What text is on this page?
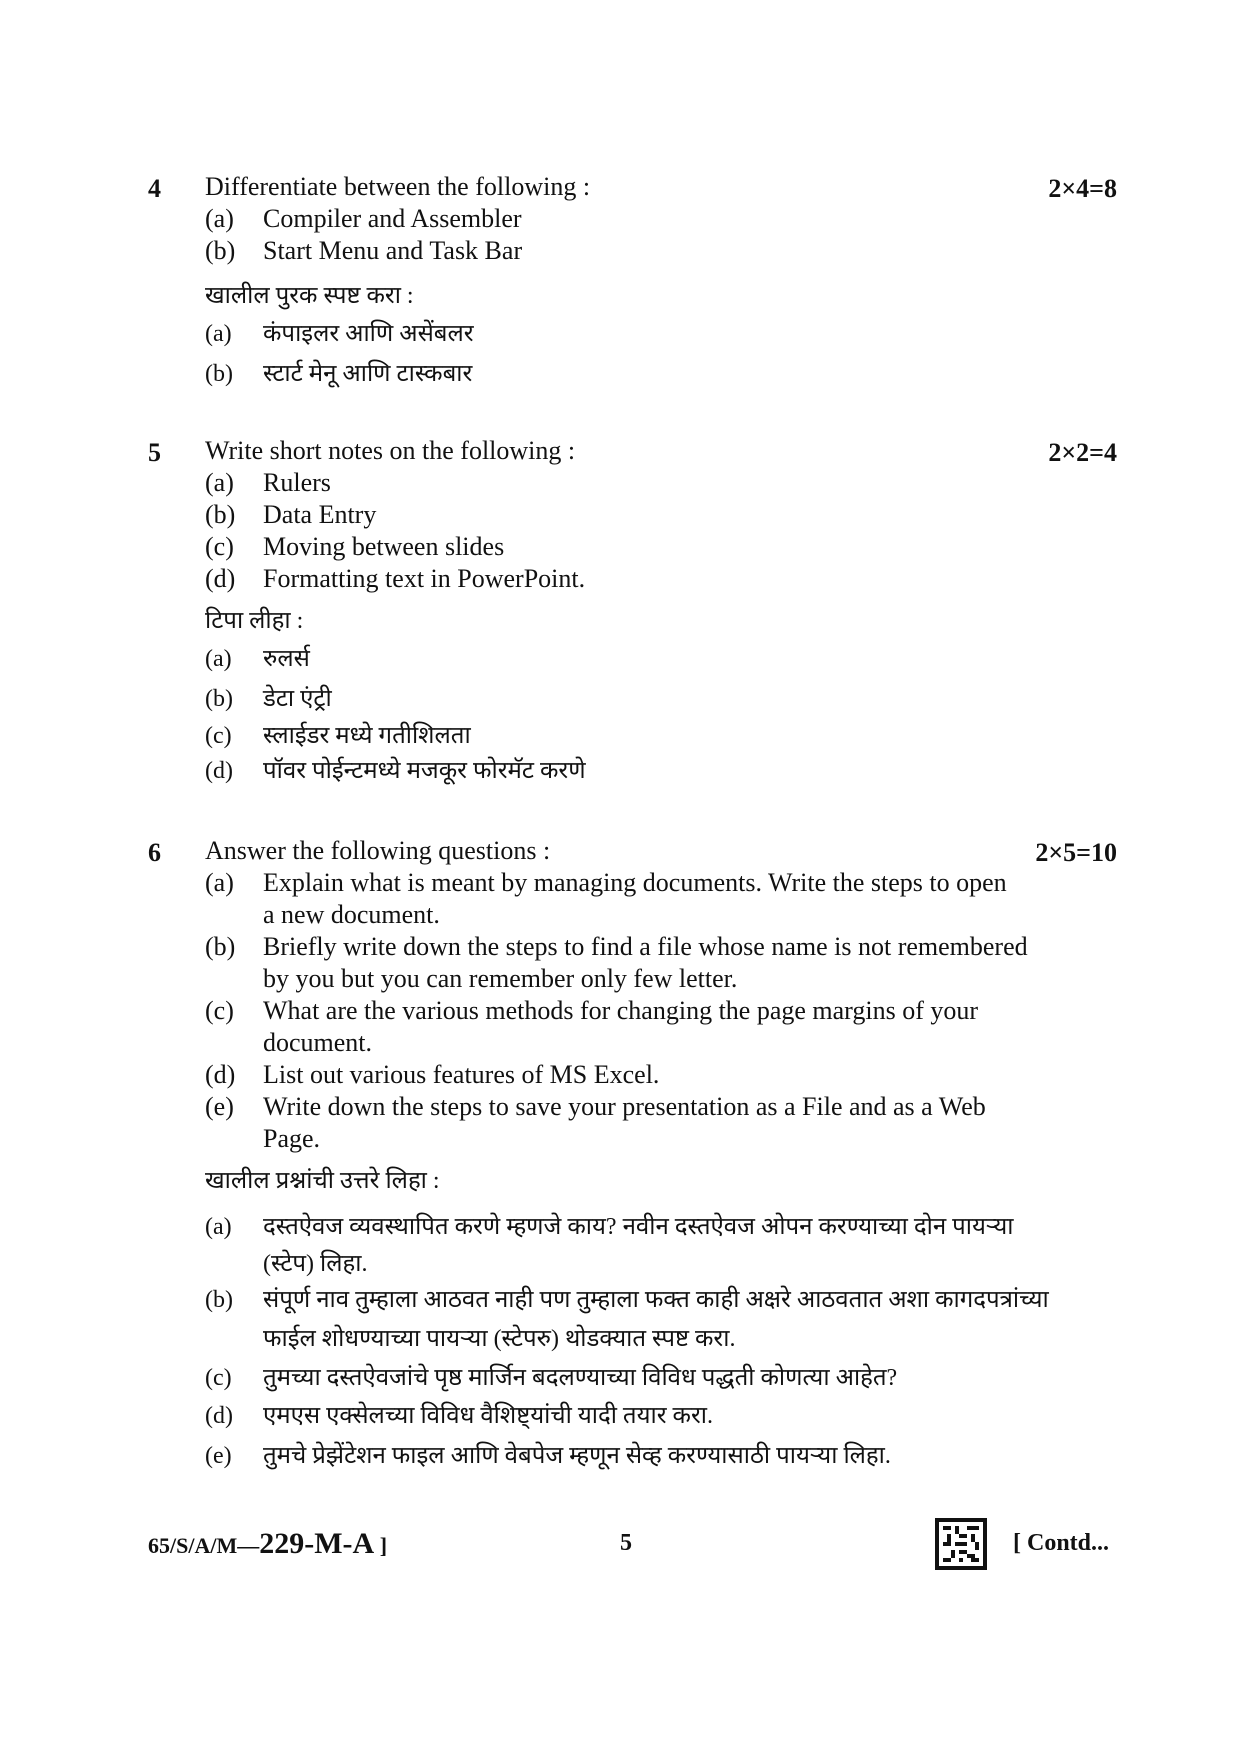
4 Differentiate between the following :	2×4=8
(a) Compiler and Assembler
(b) Start Menu and Task Bar
खालील पुरक स्पष्ट करा :
(a) कंपाइलर आणि असेंबलर
(b) स्टार्ट मेनू आणि टास्कबार
5 Write short notes on the following :	2×2=4
(a) Rulers
(b) Data Entry
(c) Moving between slides
(d) Formatting text in PowerPoint.
टिपा लीहा :
(a) रुलर्स
(b) डेटा एंट्री
(c) स्लाईडर मध्ये गतीशिलता
(d) पॉवर पोईन्टमध्ये मजकूर फोरमॅट करणे
6 Answer the following questions :	2×5=10
(a) Explain what is meant by managing documents. Write the steps to open
a new document.
(b) Briefly write down the steps to find a file whose name is not remembered
by you but you can remember only few letter.
(c) What are the various methods for changing the page margins of your
document.
(d) List out various features of MS Excel.
(e) Write down the steps to save your presentation as a File and as a Web
Page.
खालील प्रश्नांची उत्तरे लिहा :
(a) दस्तऐवज व्यवस्थापित करणे म्हणजे काय? नवीन दस्तऐवज ओपन करण्याच्या दोन पायऱ्या
(स्टेप) लिहा.
(b) संपूर्ण नाव तुम्हाला आठवत नाही पण तुम्हाला फक्त काही अक्षरे आठवतात अशा कागदपत्रांच्या
फाईल शोधण्याच्या पायऱ्या (स्टेपरु) थोडक्यात स्पष्ट करा.
(c) तुमच्या दस्तऐवजांचे पृष्ठ मार्जिन बदलण्याच्या विविध पद्धती कोणत्या आहेत?
(d) एमएस एक्सेलच्या विविध वैशिष्ट्यांची यादी तयार करा.
(e) तुमचे प्रेझेंटेशन फाइल आणि वेबपेज म्हणून सेव्ह करण्यासाठी पायऱ्या लिहा.
65/S/A/M—229-M-A ]	5	[ Contd...
